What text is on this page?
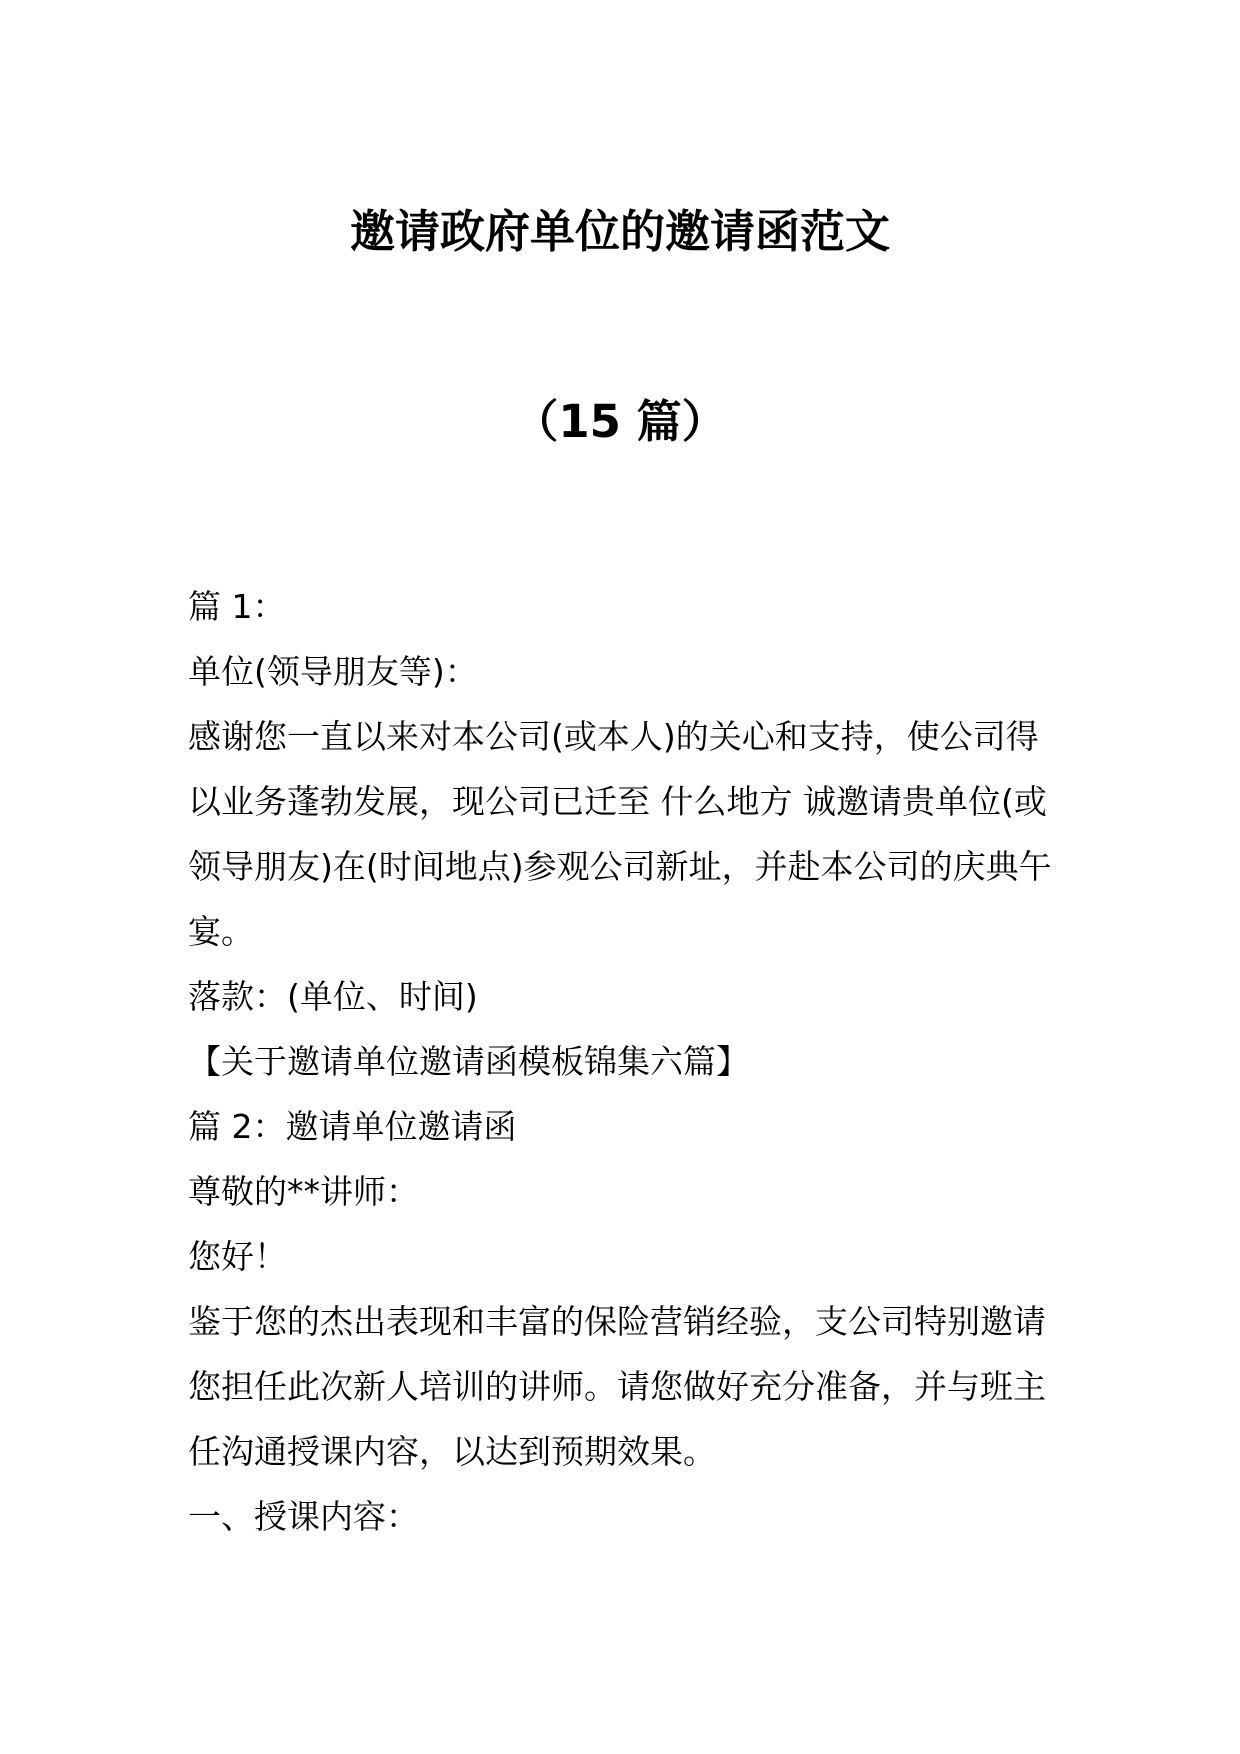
邀请政府单位的邀请函范文
（15 篇）

篇 1：

单位(领导朋友等)：

感谢您一直以来对本公司(或本人)的关心和支持，使公司得以业务蓬勃发展，现公司已迁至 什么地方 诚邀请贵单位(或领导朋友)在(时间地点)参观公司新址，并赴本公司的庆典午宴。

落款：(单位、时间)

【关于邀请单位邀请函模板锦集六篇】

篇 2：邀请单位邀请函

尊敬的**讲师：

您好！

鉴于您的杰出表现和丰富的保险营销经验，支公司特别邀请您担任此次新人培训的讲师。请您做好充分准备，并与班主任沟通授课内容，以达到预期效果。

一、授课内容：
